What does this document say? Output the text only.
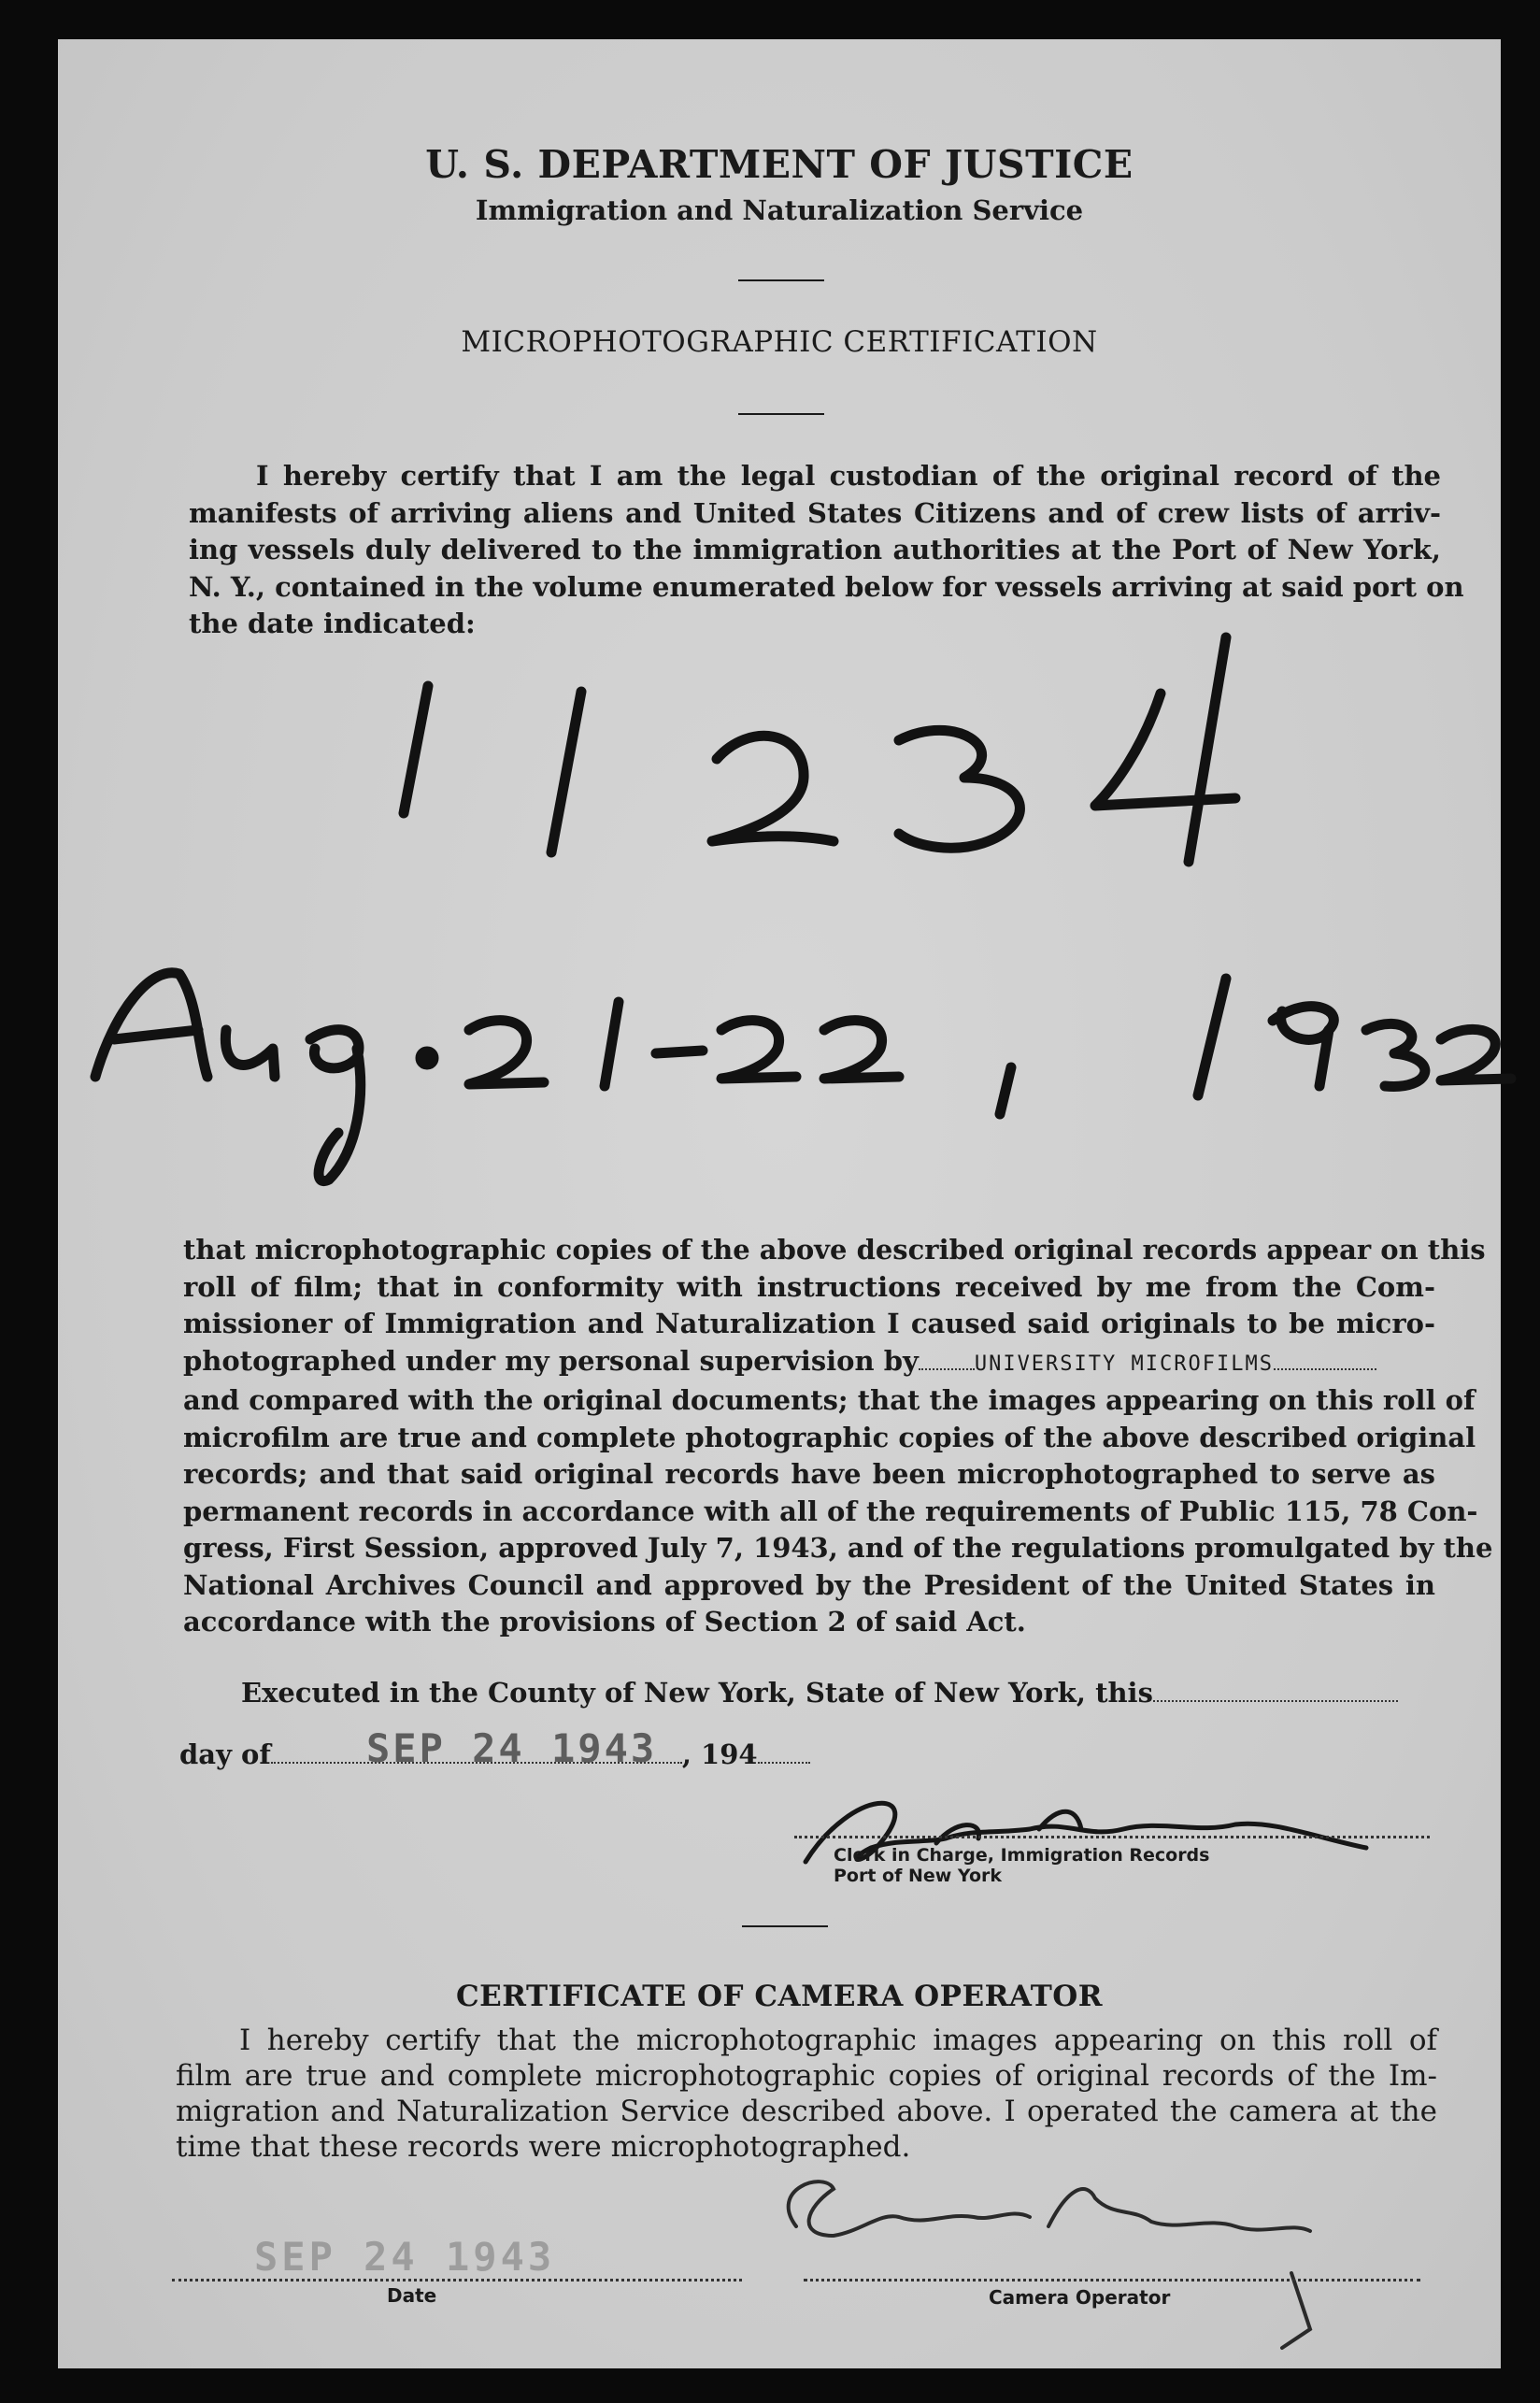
U. S. DEPARTMENT OF JUSTICE
Immigration and Naturalization Service
MICROPHOTOGRAPHIC CERTIFICATION
I hereby certify that I am the legal custodian of the original record of the
manifests of arriving aliens and United States Citizens and of crew lists of arriv-
ing vessels duly delivered to the immigration authorities at the Port of New York,
N. Y., contained in the volume enumerated below for vessels arriving at said port on
the date indicated:
that microphotographic copies of the above described original records appear on this
roll of film; that in conformity with instructions received by me from the Com-
missioner of Immigration and Naturalization I caused said originals to be micro-
photographed under my personal supervision by	UNIVERSITY MICROFILMS
and compared with the original documents; that the images appearing on this roll of
microfilm are true and complete photographic copies of the above described original
records; and that said original records have been microphotographed to serve as
permanent records in accordance with all of the requirements of Public 115, 78 Con-
gress, First Session, approved July 7, 1943, and of the regulations promulgated by the
National Archives Council and approved by the President of the United States in
accordance with the provisions of Section 2 of said Act.
Executed in the County of New York, State of New York, this
day of	, 194
SEP 24 1943
Clerk in Charge, Immigration Records
Port of New York
CERTIFICATE OF CAMERA OPERATOR
I hereby certify that the microphotographic images appearing on this roll of
film are true and complete microphotographic copies of original records of the Im-
migration and Naturalization Service described above. I operated the camera at the
time that these records were microphotographed.
SEP 24 1943
Date	Camera Operator
